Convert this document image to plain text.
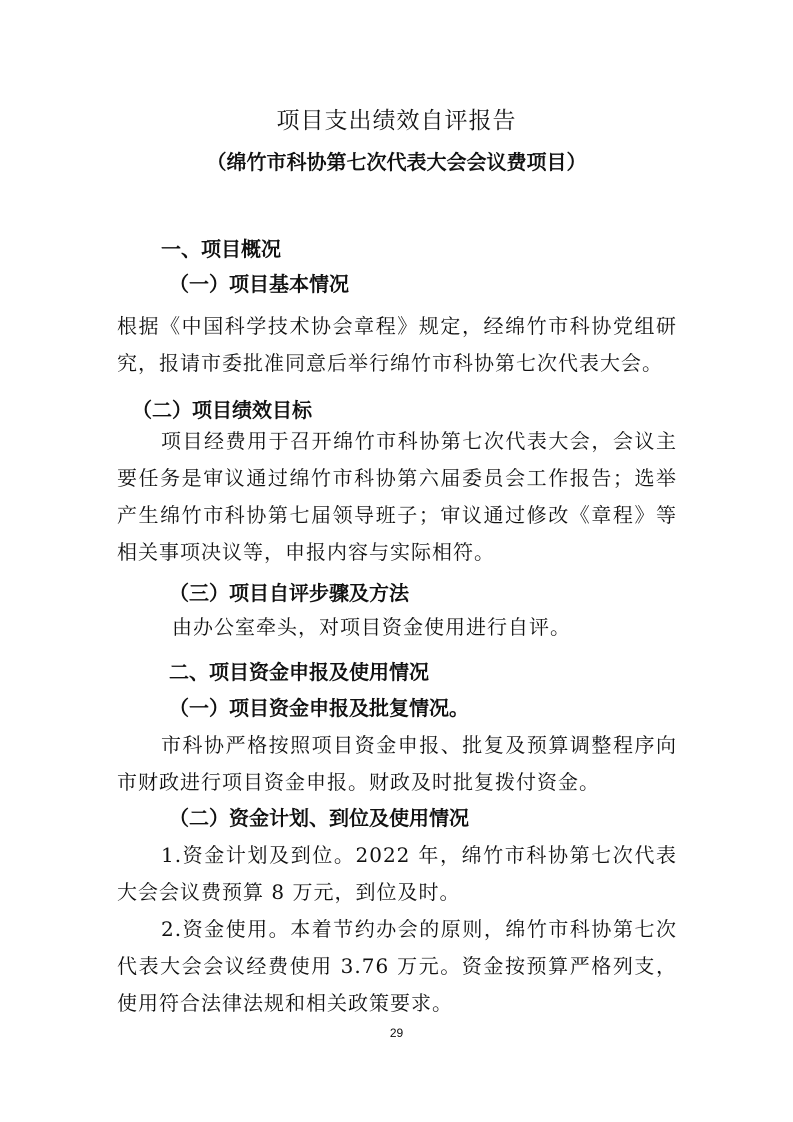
项目支出绩效自评报告
（绵竹市科协第七次代表大会会议费项目）
一、项目概况
（一）项目基本情况
根据《中国科学技术协会章程》规定，经绵竹市科协党组研究，报请市委批准同意后举行绵竹市科协第七次代表大会。
（二）项目绩效目标
项目经费用于召开绵竹市科协第七次代表大会，会议主要任务是审议通过绵竹市科协第六届委员会工作报告；选举产生绵竹市科协第七届领导班子；审议通过修改《章程》等相关事项决议等，申报内容与实际相符。
（三）项目自评步骤及方法
由办公室牵头，对项目资金使用进行自评。
二、项目资金申报及使用情况
（一）项目资金申报及批复情况。
市科协严格按照项目资金申报、批复及预算调整程序向市财政进行项目资金申报。财政及时批复拨付资金。
（二）资金计划、到位及使用情况
1.资金计划及到位。2022 年，绵竹市科协第七次代表大会会议费预算 8 万元，到位及时。
2.资金使用。本着节约办会的原则，绵竹市科协第七次代表大会会议经费使用 3.76 万元。资金按预算严格列支，使用符合法律法规和相关政策要求。
29
